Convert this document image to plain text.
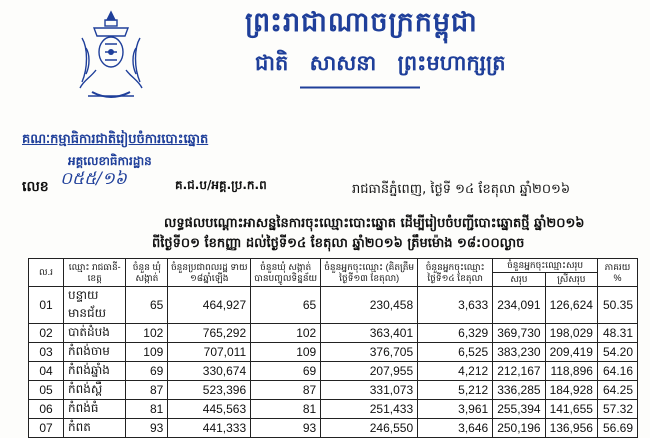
ព្រះរាជាណាចក្រកម្ពុជា
ជាតិ សាសនា ព្រះមហាក្សត្រ
គណៈកម្មាធិការជាតិរៀបចំការបោះឆ្នោត
អគ្គលេខាធិការដ្ឋាន
លេខ ០៥៥/១៦	គ.ជ.ប/អគ្គ.ប្រ.ក.ព	រាជធានីភ្នំពេញ, ថ្ងៃទី ១៤ ខែតុលា ឆ្នាំ២០១៦
លទ្ធផលបណ្ដោះអាសន្ននៃការចុះឈ្មោះបោះឆ្នោត ដើម្បីរៀបចំបញ្ជីបោះឆ្នោតថ្មី ឆ្នាំ២០១៦
ពីថ្ងៃទី០១ ខែកញ្ញា ដល់ថ្ងៃទី១៤ ខែតុលា ឆ្នាំ២០១៦ ត្រឹមម៉ោង ១៨:០០ល្ងាច
ល.រ	ឈ្មោះ រាជធានី-ខេត្ត	ចំនួន ឃុំ សង្កាត់	ចំនួនប្រជាពលរដ្ឋ ទាយ ១៨ឆ្នាំឡើង	ចំនួនឃុំ សង្កាត់ បានបញ្ចូលទិន្នន័យ	ចំនួនអ្នកចុះឈ្មោះ (គិតត្រឹមថ្ងៃទី១៣ ខែតុលា)	ចំនួនអ្នកចុះឈ្មោះ ថ្ងៃទី១៤ ខែតុលា	ចំនួនអ្នកចុះឈ្មោះសរុប		ភាគរយ %
							សរុប	ស្រីសរុប	
01	បន្ទាយមានជ័យ	65	464,927	65	230,458	3,633	234,091	126,624	50.35
02	បាត់ដំបង	102	765,292	102	363,401	6,329	369,730	198,029	48.31
03	កំពង់ចាម	109	707,011	109	376,705	6,525	383,230	209,419	54.20
04	កំពង់ឆ្នាំង	69	330,674	69	207,955	4,212	212,167	118,896	64.16
05	កំពង់ស្ពឺ	87	523,396	87	331,073	5,212	336,285	184,928	64.25
06	កំពង់ធំ	81	445,563	81	251,433	3,961	255,394	141,655	57.32
07	កំពត	93	441,333	93	246,550	3,646	250,196	136,956	56.69
